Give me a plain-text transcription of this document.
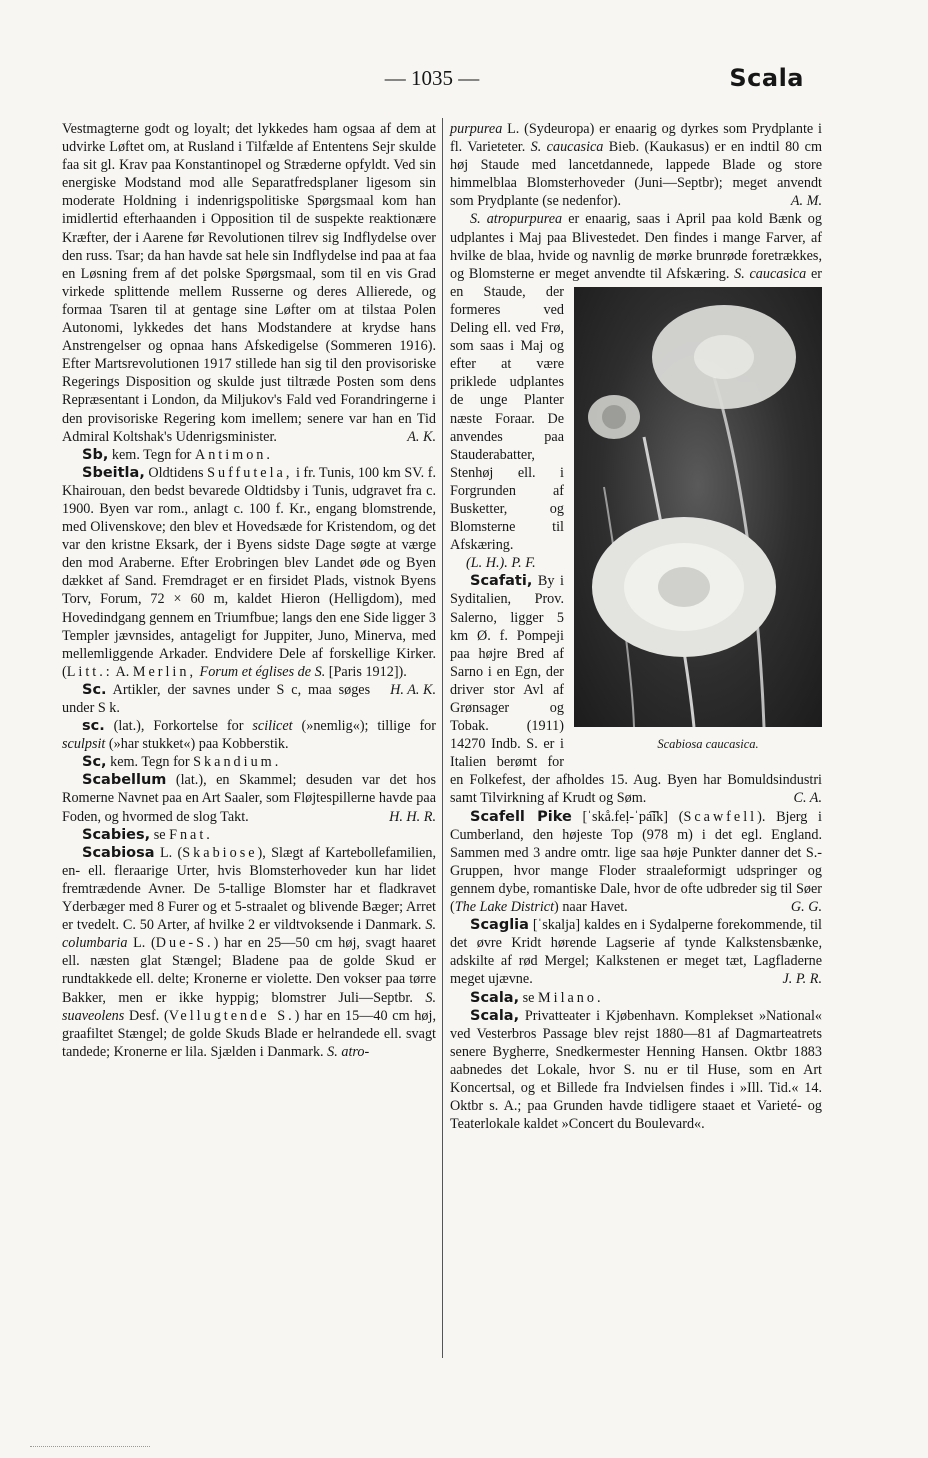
— 1035 —	Scala

Vestmagterne godt og loyalt; det lykkedes ham ogsaa af dem at udvirke Løftet om, at Rusland i Tilfælde af Ententens Sejr skulde faa sit gl. Krav paa Konstantinopel og Stræderne opfyldt. Ved sin energiske Modstand mod alle Separatfredsplaner ligesom sin moderate Holdning i indenrigspolitiske Spørgsmaal kom han imidlertid efterhaanden i Opposition til de suspekte reaktionære Kræfter, der i Aarene før Revolutionen tilrev sig Indflydelse over den russ. Tsar; da han havde sat hele sin Indflydelse ind paa at faa en Løsning frem af det polske Spørgsmaal, som til en vis Grad virkede splittende mellem Russerne og deres Allierede, og formaa Tsaren til at gentage sine Løfter om at tilstaa Polen Autonomi, lykkedes det hans Modstandere at krydse hans Anstrengelser og opnaa hans Afskedigelse (Sommeren 1916). Efter Martsrevolutionen 1917 stillede han sig til den provisoriske Regerings Disposition og skulde just tiltræde Posten som dens Repræsentant i London, da Miljukov's Fald ved Forandringerne i den provisoriske Regering kom imellem; senere var han en Tid Admiral Koltshak's Udenrigsminister.	A. K.

Sb, kem. Tegn for Antimon.

Sbeitla, Oldtidens Suffutela, i fr. Tunis, 100 km SV. f. Khairouan, den bedst bevarede Oldtidsby i Tunis, udgravet fra c. 1900. Byen var rom., anlagt c. 100 f. Kr., engang blomstrende, med Olivenskove; den blev et Hovedsæde for Kristendom, og det var den kristne Eksark, der i Byens sidste Dage søgte at værge den mod Araberne. Efter Erobringen blev Landet øde og Byen dækket af Sand. Fremdraget er en firsidet Plads, vistnok Byens Torv, Forum, 72 × 60 m, kaldet Hieron (Helligdom), med Hovedindgang gennem en Triumfbue; langs den ene Side ligger 3 Templer jævnsides, antageligt for Juppiter, Juno, Minerva, med mellemliggende Arkader. Endvidere Dele af forskellige Kirker. (Litt.: A. Merlin, Forum et églises de S. [Paris 1912]).
H. A. K.

Sc. Artikler, der savnes under S c, maa søges under S k.

sc. (lat.), Forkortelse for scilicet (»nemlig«); tillige for sculpsit (»har stukket«) paa Kobberstik.

Sc, kem. Tegn for Skandium.

Scabellum (lat.), en Skammel; desuden var det hos Romerne Navnet paa en Art Saaler, som Fløjtespillerne havde paa Foden, og hvormed de slog Takt.	H. H. R.

Scabies, se Fnat.

Scabiosa L. (Skabiose), Slægt af Kartebollefamilien, en- ell. fleraarige Urter, hvis Blomsterhoveder kun har lidet fremtrædende Avner. De 5-tallige Blomster har et fladkravet Yderbæger med 8 Furer og et 5-straalet og blivende Bæger; Arret er tvedelt. C. 50 Arter, af hvilke 2 er vildtvoksende i Danmark. S. columbaria L. (Due-S.) har en 25—50 cm høj, svagt haaret ell. næsten glat Stængel; Bladene paa de golde Skud er rundtakkede ell. delte; Kronerne er violette. Den vokser paa tørre Bakker, men er ikke hyppig; blomstrer Juli—Septbr. S. suaveolens Desf. (Vellugtende S.) har en 15—40 cm høj, graafiltet Stængel; de golde Skuds Blade er helrandede ell. svagt tandede; Kronerne er lila. Sjælden i Danmark. S. atro-

purpurea L. (Sydeuropa) er enaarig og dyrkes som Prydplante i fl. Varieteter. S. caucasica Bieb. (Kaukasus) er en indtil 80 cm høj Staude med lancetdannede, lappede Blade og store himmelblaa Blomsterhoveder (Juni—Septbr); meget anvendt som Prydplante (se nedenfor).	A. M.

S. atropurpurea er enaarig, saas i April paa kold Bænk og udplantes i Maj paa Blivestedet. Den findes i mange Farver, af hvilke de blaa, hvide og navnlig de mørke brunrøde foretrækkes, og Blomsterne er meget anvendte til Afskæring.
Scabiosa caucasica.
S. caucasica er en Staude, der formeres ved Deling ell. ved Frø, som saas i Maj og efter at være priklede udplantes de unge Planter næste Foraar. De anvendes paa Stauderabatter, Stenhøj ell. i Forgrunden af Busketter, og Blomsterne til Afskæring.
(L. H.). P. F.

Scafati, By i Syditalien, Prov. Salerno, ligger 5 km Ø. f. Pompeji paa højre Bred af Sarno i en Egn, der driver stor Avl af Grønsager og Tobak. (1911) 14270 Indb. S. er i Italien berømt for en Folkefest, der afholdes 15. Aug. Byen har Bomuldsindustri samt Tilvirkning af Krudt og Søm.	C. A.

Scafell Pike [ˈskå.feḷ-ˈpa͡ik] (Scawfell). Bjerg i Cumberland, den højeste Top (978 m) i det egl. England. Sammen med 3 andre omtr. lige saa høje Punkter danner det S.-Gruppen, hvor mange Floder straaleformigt udspringer og gennem dybe, romantiske Dale, hvor de ofte udbreder sig til Søer (The Lake District) naar Havet.	G. G.

Scaglia [ˈskalja] kaldes en i Sydalperne forekommende, til det øvre Kridt hørende Lagserie af tynde Kalkstensbænke, adskilte af rød Mergel; Kalkstenen er meget tæt, Lagfladerne meget ujævne.	J. P. R.

Scala, se Milano.

Scala, Privatteater i Kjøbenhavn. Komplekset »National« ved Vesterbros Passage blev rejst 1880—81 af Dagmarteatrets senere Bygherre, Snedkermester Henning Hansen. Oktbr 1883 aabnedes det Lokale, hvor S. nu er til Huse, som en Art Koncertsal, og et Billede fra Indvielsen findes i »Ill. Tid.« 14. Oktbr s. A.; paa Grunden havde tidligere staaet et Varieté- og Teaterlokale kaldet »Concert du Boulevard«.
